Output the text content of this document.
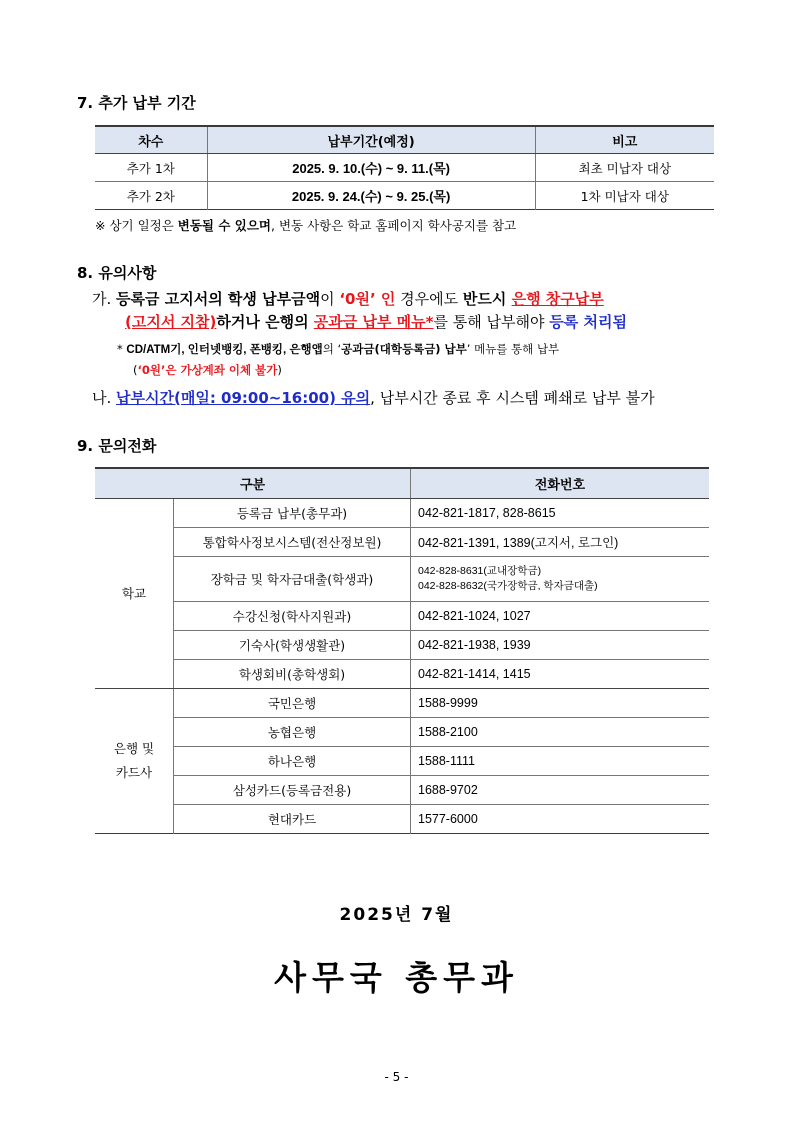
7. 추가 납부 기간
차수	납부기간(예정)	비고
추가 1차	2025. 9. 10.(수) ~ 9. 11.(목)	최초 미납자 대상
추가 2차	2025. 9. 24.(수) ~ 9. 25.(목)	1차 미납자 대상
※ 상기 일정은 변동될 수 있으며, 변동 사항은 학교 홈페이지 학사공지를 참고
8. 유의사항
가. 등록금 고지서의 학생 납부금액이 ‘0원’ 인 경우에도 반드시 은행 창구납부
(고지서 지참)하거나 은행의 공과금 납부 메뉴*를 통해 납부해야 등록 처리됨
* CD/ATM기, 인터넷뱅킹, 폰뱅킹, 은행앱의 ‘공과금(대학등록금) 납부’ 메뉴를 통해 납부
(‘0원’은 가상계좌 이체 불가)
나. 납부시간(매일: 09:00~16:00) 유의, 납부시간 종료 후 시스템 폐쇄로 납부 불가
9. 문의전화
구분		전화번호
학교	등록금 납부(총무과)	042-821-1817, 828-8615
	통합학사정보시스템(전산정보원)	042-821-1391, 1389(고지서, 로그인)
	장학금 및 학자금대출(학생과)	042-828-8631(교내장학금)
042-828-8632(국가장학금, 학자금대출)

	수강신청(학사지원과)	042-821-1024, 1027
	기숙사(학생생활관)	042-821-1938, 1939
	학생회비(총학생회)	042-821-1414, 1415
은행 및
카드사	국민은행	1588-9999
	농협은행	1588-2100
	하나은행	1588-1111
	삼성카드(등록금전용)	1688-9702
	현대카드	1577-6000
2025년 7월
사무국 총무과
- 5 -
